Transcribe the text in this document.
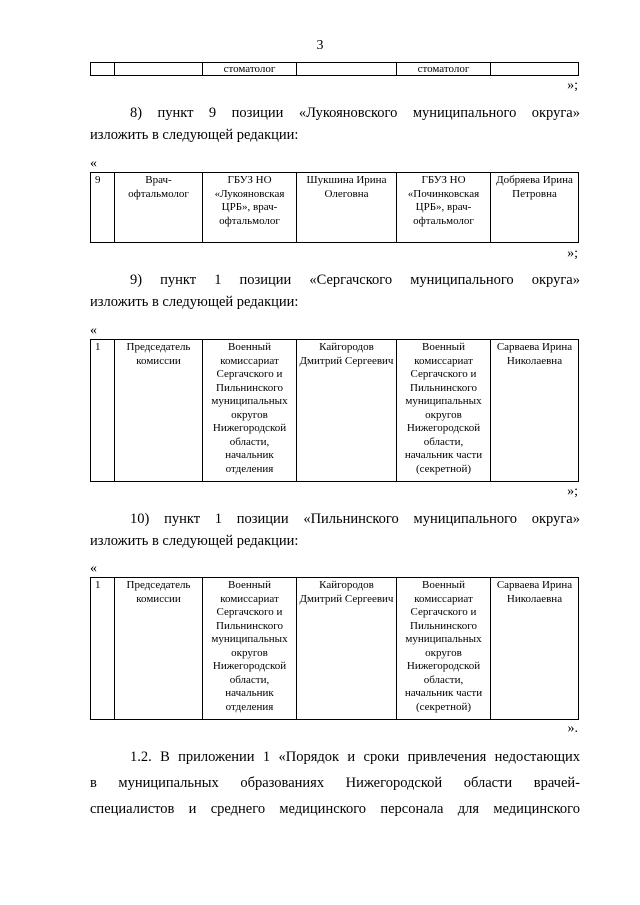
3
		стоматолог		стоматолог	
»;
8) пункт 9 позиции «Лукояновского муниципального округа»
изложить в следующей редакции:
«
9	Врач-офтальмолог	ГБУЗ НО «Лукояновская ЦРБ», врач-офтальмолог	Шукшина Ирина Олеговна	ГБУЗ НО «Починковская ЦРБ», врач-офтальмолог	Добряева Ирина Петровна
»;
9) пункт 1 позиции «Сергачского муниципального округа»
изложить в следующей редакции:
«
1	Председатель комиссии	Военный комиссариат Сергачского и Пильнинского муниципальных округов Нижегородской области, начальник отделения	Кайгородов Дмитрий Сергеевич	Военный комиссариат Сергачского и Пильнинского муниципальных округов Нижегородской области, начальник части (секретной)	Сарваева Ирина Николаевна
»;
10) пункт 1 позиции «Пильнинского муниципального округа»
изложить в следующей редакции:
«
1	Председатель комиссии	Военный комиссариат Сергачского и Пильнинского муниципальных округов Нижегородской области, начальник отделения	Кайгородов Дмитрий Сергеевич	Военный комиссариат Сергачского и Пильнинского муниципальных округов Нижегородской области, начальник части (секретной)	Сарваева Ирина Николаевна
».
1.2. В приложении 1 «Порядок и сроки привлечения недостающих
в муниципальных образованиях Нижегородской области врачей-
специалистов и среднего медицинского персонала для медицинского
